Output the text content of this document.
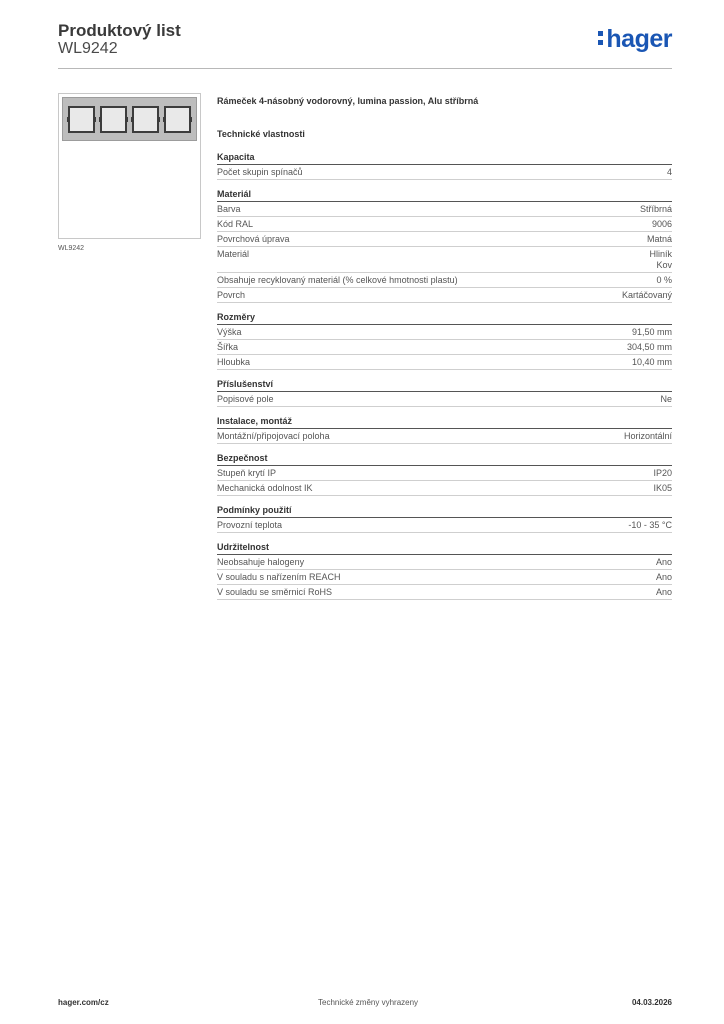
Produktový list
WL9242	hager
WL9242
Rámeček 4-násobný vodorovný, lumina passion, Alu stříbrná
Technické vlastnosti
Kapacita
Počet skupin spínačů	4
Materiál
Barva	Stříbrná
Kód RAL	9006
Povrchová úprava	Matná
Materiál	Hliník
Kov
Obsahuje recyklovaný materiál (% celkové hmotnosti plastu)	0 %
Povrch	Kartáčovaný
Rozměry
Výška	91,50 mm
Šířka	304,50 mm
Hloubka	10,40 mm
Příslušenství
Popisové pole	Ne
Instalace, montáž
Montážní/připojovací poloha	Horizontální
Bezpečnost
Stupeň krytí IP	IP20
Mechanická odolnost IK	IK05
Podmínky použití
Provozní teplota	-10 - 35 °C
Udržitelnost
Neobsahuje halogeny	Ano
V souladu s nařízením REACH	Ano
V souladu se směrnicí RoHS	Ano
hager.com/cz	Technické změny vyhrazeny	04.03.2026
